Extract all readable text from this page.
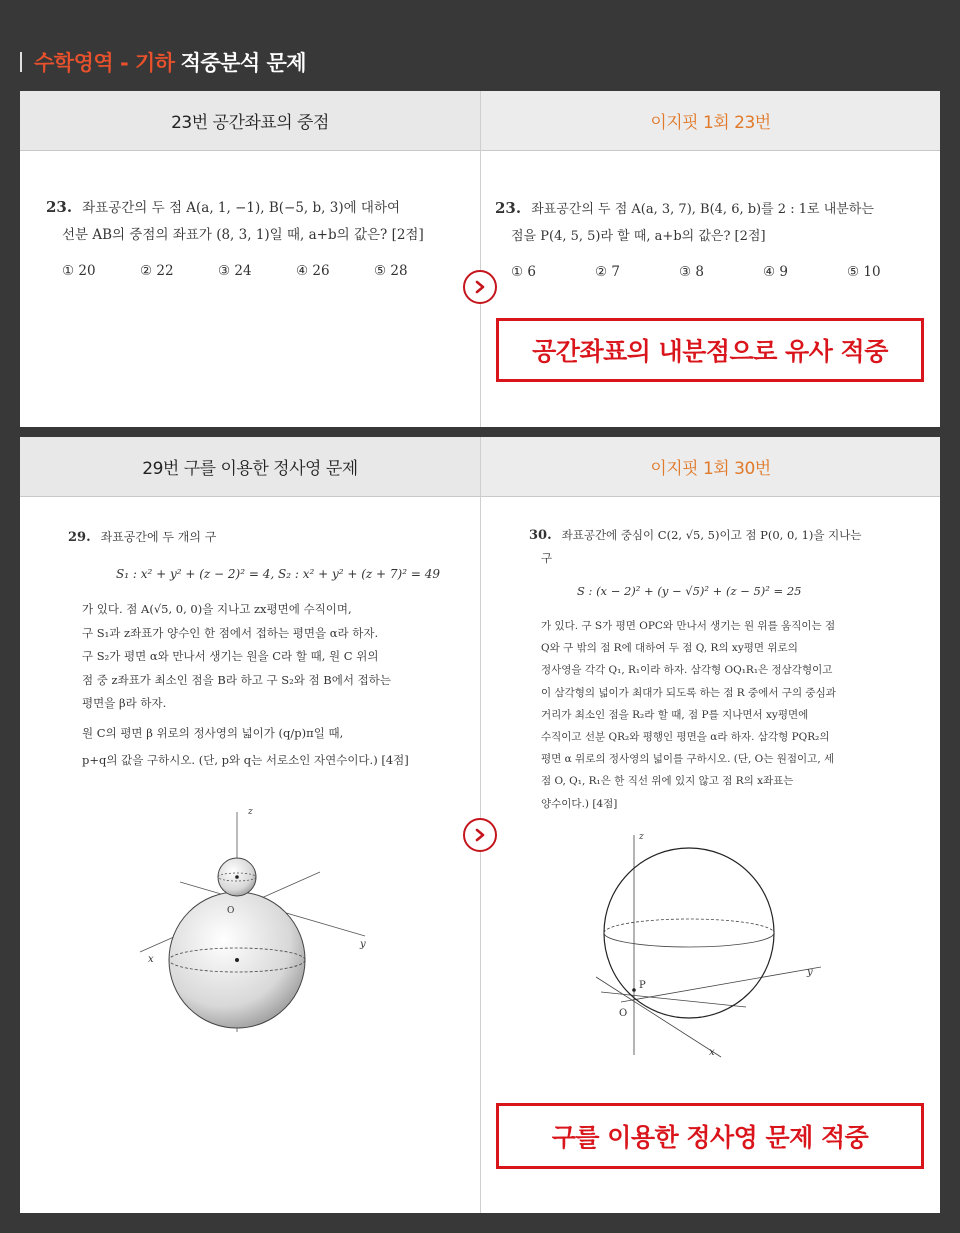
수학영역 - 기하 적중분석 문제
23번 공간좌표의 중점
23. 좌표공간의 두 점 A(a, 1, −1), B(−5, b, 3)에 대하여
선분 AB의 중점의 좌표가 (8, 3, 1)일 때, a+b의 값은? [2점]
① 20	② 22	③ 24	④ 26	⑤ 28
이지핏 1회 23번
23. 좌표공간의 두 점 A(a, 3, 7), B(4, 6, b)를 2 : 1로 내분하는
점을 P(4, 5, 5)라 할 때, a+b의 값은? [2점]
① 6	② 7	③ 8	④ 9	⑤ 10
공간좌표의 내분점으로 유사 적중
29번 구를 이용한 정사영 문제
29. 좌표공간에 두 개의 구
S₁ : x² + y² + (z − 2)² = 4, S₂ : x² + y² + (z + 7)² = 49

가 있다. 점 A(√5, 0, 0)을 지나고 zx평면에 수직이며,

구 S₁과 z좌표가 양수인 한 점에서 접하는 평면을 α라 하자.

구 S₂가 평면 α와 만나서 생기는 원을 C라 할 때, 원 C 위의

점 중 z좌표가 최소인 점을 B라 하고 구 S₂와 점 B에서 접하는

평면을 β라 하자.

원 C의 평면 β 위로의 정사영의 넓이가 (q/p)π일 때,

p+q의 값을 구하시오. (단, p와 q는 서로소인 자연수이다.) [4점]

z
x
y
O
이지핏 1회 30번
30. 좌표공간에 중심이 C(2, √5, 5)이고 점 P(0, 0, 1)을 지나는
구
S : (x − 2)² + (y − √5)² + (z − 5)² = 25

가 있다. 구 S가 평면 OPC와 만나서 생기는 원 위를 움직이는 점

Q와 구 밖의 점 R에 대하여 두 점 Q, R의 xy평면 위로의

정사영을 각각 Q₁, R₁이라 하자. 삼각형 OQ₁R₁은 정삼각형이고

이 삼각형의 넓이가 최대가 되도록 하는 점 R 중에서 구의 중심과

거리가 최소인 점을 R₂라 할 때, 점 P를 지나면서 xy평면에

수직이고 선분 QR₂와 평행인 평면을 α라 하자. 삼각형 PQR₂의

평면 α 위로의 정사영의 넓이를 구하시오. (단, O는 원점이고, 세

점 O, Q₁, R₁은 한 직선 위에 있지 않고 점 R의 x좌표는

양수이다.) [4점]

z
x
y
O
P
구를 이용한 정사영 문제 적중
